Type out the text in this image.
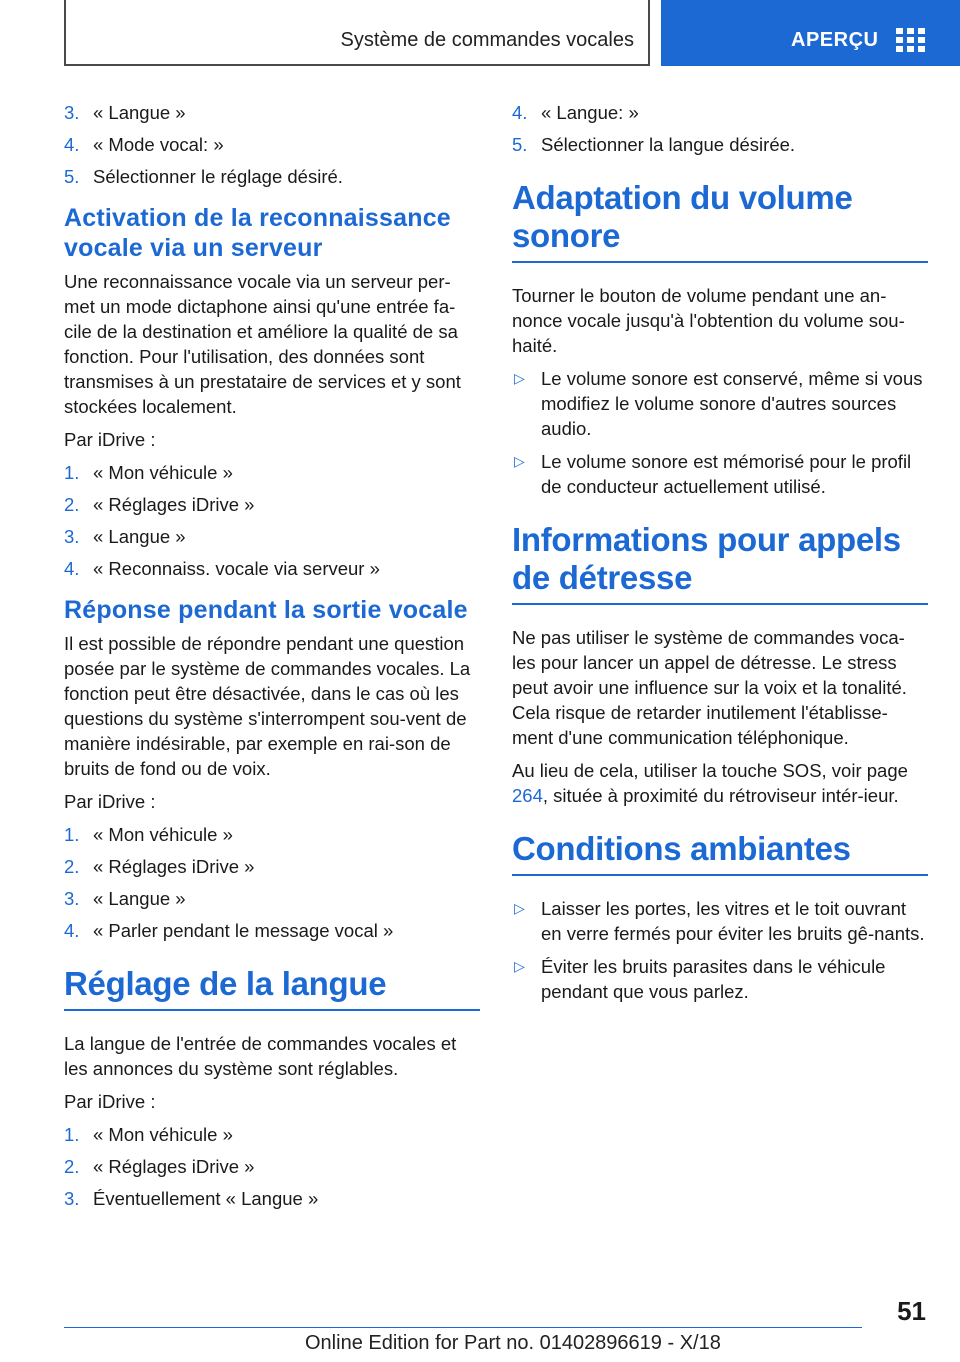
Système de commandes vocales	APERÇU
3. « Langue »
4. « Mode vocal: »
5. Sélectionner le réglage désiré.
Activation de la reconnaissance vocale via un serveur

Une reconnaissance vocale via un serveur per-met un mode dictaphone ainsi qu'une entrée fa-cile de la destination et améliore la qualité de sa fonction. Pour l'utilisation, des données sont transmises à un prestataire de services et y sont stockées localement.

Par iDrive :

1. « Mon véhicule »
2. « Réglages iDrive »
3. « Langue »
4. « Reconnaiss. vocale via serveur »
Réponse pendant la sortie vocale

Il est possible de répondre pendant une question posée par le système de commandes vocales. La fonction peut être désactivée, dans le cas où les questions du système s'interrompent sou-vent de manière indésirable, par exemple en rai-son de bruits de fond ou de voix.

Par iDrive :

1. « Mon véhicule »
2. « Réglages iDrive »
3. « Langue »
4. « Parler pendant le message vocal »
Réglage de la langue

La langue de l'entrée de commandes vocales et les annonces du système sont réglables.

Par iDrive :

1. « Mon véhicule »
2. « Réglages iDrive »
3. Éventuellement « Langue »
4. « Langue: »
5. Sélectionner la langue désirée.
Adaptation du volume sonore

Tourner le bouton de volume pendant une an-nonce vocale jusqu'à l'obtention du volume sou-haité.

▷ Le volume sonore est conservé, même si vous modifiez le volume sonore d'autres sources audio.
▷ Le volume sonore est mémorisé pour le profil de conducteur actuellement utilisé.
Informations pour appels de détresse

Ne pas utiliser le système de commandes voca-les pour lancer un appel de détresse. Le stress peut avoir une influence sur la voix et la tonalité. Cela risque de retarder inutilement l'établisse-ment d'une communication téléphonique.

Au lieu de cela, utiliser la touche SOS, voir page 264, située à proximité du rétroviseur intér-ieur.

Conditions ambiantes
▷ Laisser les portes, les vitres et le toit ouvrant en verre fermés pour éviter les bruits gê-nants.
▷ Éviter les bruits parasites dans le véhicule pendant que vous parlez.
51
Online Edition for Part no. 01402896619 - X/18
